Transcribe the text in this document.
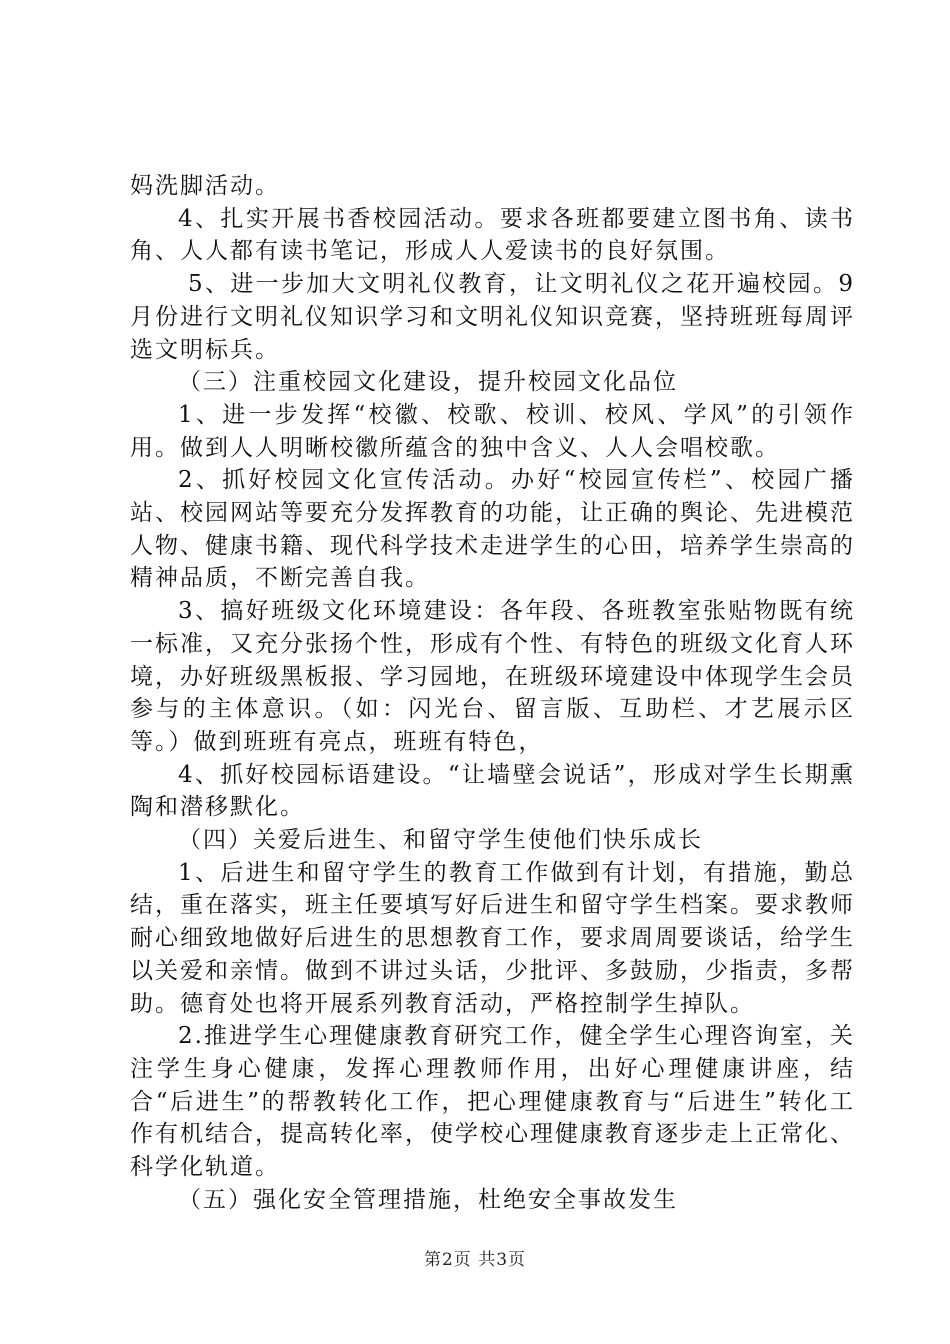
妈洗脚活动。

4、扎实开展书香校园活动。要求各班都要建立图书角、读书角、人人都有读书笔记，形成人人爱读书的良好氛围。

5、进一步加大文明礼仪教育，让文明礼仪之花开遍校园。9月份进行文明礼仪知识学习和文明礼仪知识竞赛，坚持班班每周评选文明标兵。

（三）注重校园文化建设，提升校园文化品位

1、进一步发挥“校徽、校歌、校训、校风、学风”的引领作用。做到人人明晰校徽所蕴含的独中含义、人人会唱校歌。

2、抓好校园文化宣传活动。办好“校园宣传栏”、校园广播站、校园网站等要充分发挥教育的功能，让正确的舆论、先进模范人物、健康书籍、现代科学技术走进学生的心田，培养学生崇高的精神品质，不断完善自我。

3、搞好班级文化环境建设：各年段、各班教室张贴物既有统一标准，又充分张扬个性，形成有个性、有特色的班级文化育人环境，办好班级黑板报、学习园地，在班级环境建设中体现学生会员参与的主体意识。（如：闪光台、留言版、互助栏、才艺展示区等。）做到班班有亮点，班班有特色，

4、抓好校园标语建设。“让墙壁会说话”，形成对学生长期熏陶和潜移默化。

（四）关爱后进生、和留守学生使他们快乐成长

1、后进生和留守学生的教育工作做到有计划，有措施，勤总结，重在落实，班主任要填写好后进生和留守学生档案。要求教师耐心细致地做好后进生的思想教育工作，要求周周要谈话，给学生以关爱和亲情。做到不讲过头话，少批评、多鼓励，少指责，多帮助。德育处也将开展系列教育活动，严格控制学生掉队。

2.推进学生心理健康教育研究工作，健全学生心理咨询室，关注学生身心健康，发挥心理教师作用，出好心理健康讲座，结合“后进生”的帮教转化工作，把心理健康教育与“后进生”转化工作有机结合，提高转化率，使学校心理健康教育逐步走上正常化、科学化轨道。

（五）强化安全管理措施，杜绝安全事故发生

第2页 共3页
